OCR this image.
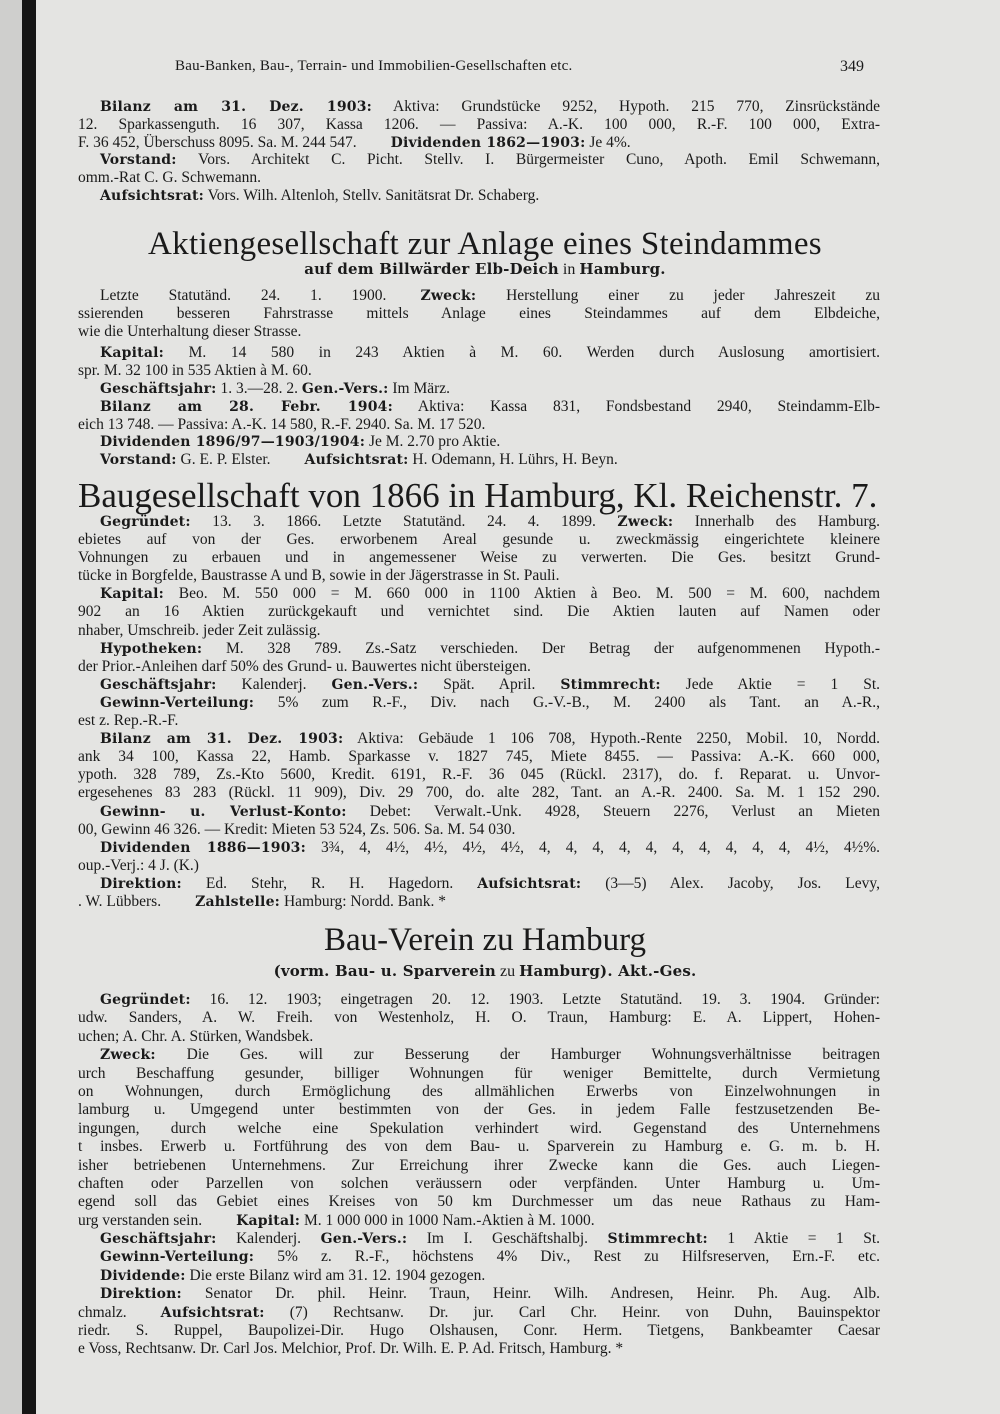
Bau-Banken, Bau-, Terrain- und Immobilien-Gesellschaften etc.	349
Bilanz am 31. Dez. 1903: Aktiva: Grundstücke 9252, Hypoth. 215 770, Zinsrückstände
12. Sparkassenguth. 16 307, Kassa 1206. — Passiva: A.-K. 100 000, R.-F. 100 000, Extra-
F. 36 452, Überschuss 8095. Sa. M. 244 547. Dividenden 1862—1903: Je 4%.
Vorstand: Vors. Architekt C. Picht. Stellv. I. Bürgermeister Cuno, Apoth. Emil Schwemann,
omm.-Rat C. G. Schwemann.
Aufsichtsrat: Vors. Wilh. Altenloh, Stellv. Sanitätsrat Dr. Schaberg.
Aktiengesellschaft zur Anlage eines Steindammes
auf dem Billwärder Elb-Deich in Hamburg.
Letzte Statutänd. 24. 1. 1900. Zweck: Herstellung einer zu jeder Jahreszeit zu
ssierenden besseren Fahrstrasse mittels Anlage eines Steindammes auf dem Elbdeiche,
wie die Unterhaltung dieser Strasse.
Kapital: M. 14 580 in 243 Aktien à M. 60. Werden durch Auslosung amortisiert.
spr. M. 32 100 in 535 Aktien à M. 60.
Geschäftsjahr: 1. 3.—28. 2. Gen.-Vers.: Im März.
Bilanz am 28. Febr. 1904: Aktiva: Kassa 831, Fondsbestand 2940, Steindamm-Elb-
eich 13 748. — Passiva: A.-K. 14 580, R.-F. 2940. Sa. M. 17 520.
Dividenden 1896/97—1903/1904: Je M. 2.70 pro Aktie.
Vorstand: G. E. P. Elster. Aufsichtsrat: H. Odemann, H. Lührs, H. Beyn.
Baugesellschaft von 1866 in Hamburg, Kl. Reichenstr. 7.
Gegründet: 13. 3. 1866. Letzte Statutänd. 24. 4. 1899. Zweck: Innerhalb des Hamburg.
ebietes auf von der Ges. erworbenem Areal gesunde u. zweckmässig eingerichtete kleinere
Vohnungen zu erbauen und in angemessener Weise zu verwerten. Die Ges. besitzt Grund-
tücke in Borgfelde, Baustrasse A und B, sowie in der Jägerstrasse in St. Pauli.
Kapital: Beo. M. 550 000 = M. 660 000 in 1100 Aktien à Beo. M. 500 = M. 600, nachdem
902 an 16 Aktien zurückgekauft und vernichtet sind. Die Aktien lauten auf Namen oder
nhaber, Umschreib. jeder Zeit zulässig.
Hypotheken: M. 328 789. Zs.-Satz verschieden. Der Betrag der aufgenommenen Hypoth.-
der Prior.-Anleihen darf 50% des Grund- u. Bauwertes nicht übersteigen.
Geschäftsjahr: Kalenderj. Gen.-Vers.: Spät. April. Stimmrecht: Jede Aktie = 1 St.
Gewinn-Verteilung: 5% zum R.-F., Div. nach G.-V.-B., M. 2400 als Tant. an A.-R.,
est z. Rep.-R.-F.
Bilanz am 31. Dez. 1903: Aktiva: Gebäude 1 106 708, Hypoth.-Rente 2250, Mobil. 10, Nordd.
ank 34 100, Kassa 22, Hamb. Sparkasse v. 1827 745, Miete 8455. — Passiva: A.-K. 660 000,
ypoth. 328 789, Zs.-Kto 5600, Kredit. 6191, R.-F. 36 045 (Rückl. 2317), do. f. Reparat. u. Unvor-
ergesehenes 83 283 (Rückl. 11 909), Div. 29 700, do. alte 282, Tant. an A.-R. 2400. Sa. M. 1 152 290.
Gewinn- u. Verlust-Konto: Debet: Verwalt.-Unk. 4928, Steuern 2276, Verlust an Mieten
00, Gewinn 46 326. — Kredit: Mieten 53 524, Zs. 506. Sa. M. 54 030.
Dividenden 1886—1903: 3¾, 4, 4½, 4½, 4½, 4½, 4, 4, 4, 4, 4, 4, 4, 4, 4, 4, 4½, 4½%.
oup.-Verj.: 4 J. (K.)
Direktion: Ed. Stehr, R. H. Hagedorn. Aufsichtsrat: (3—5) Alex. Jacoby, Jos. Levy,
. W. Lübbers. Zahlstelle: Hamburg: Nordd. Bank. *
Bau-Verein zu Hamburg
(vorm. Bau- u. Sparverein zu Hamburg). Akt.-Ges.
Gegründet: 16. 12. 1903; eingetragen 20. 12. 1903. Letzte Statutänd. 19. 3. 1904. Gründer:
udw. Sanders, A. W. Freih. von Westenholz, H. O. Traun, Hamburg: E. A. Lippert, Hohen-
uchen; A. Chr. A. Stürken, Wandsbek.
Zweck: Die Ges. will zur Besserung der Hamburger Wohnungsverhältnisse beitragen
urch Beschaffung gesunder, billiger Wohnungen für weniger Bemittelte, durch Vermietung
on Wohnungen, durch Ermöglichung des allmählichen Erwerbs von Einzelwohnungen in
lamburg u. Umgegend unter bestimmten von der Ges. in jedem Falle festzusetzenden Be-
ingungen, durch welche eine Spekulation verhindert wird. Gegenstand des Unternehmens
t insbes. Erwerb u. Fortführung des von dem Bau- u. Sparverein zu Hamburg e. G. m. b. H.
isher betriebenen Unternehmens. Zur Erreichung ihrer Zwecke kann die Ges. auch Liegen-
chaften oder Parzellen von solchen veräussern oder verpfänden. Unter Hamburg u. Um-
egend soll das Gebiet eines Kreises von 50 km Durchmesser um das neue Rathaus zu Ham-
urg verstanden sein. Kapital: M. 1 000 000 in 1000 Nam.-Aktien à M. 1000.
Geschäftsjahr: Kalenderj. Gen.-Vers.: Im I. Geschäftshalbj. Stimmrecht: 1 Aktie = 1 St.
Gewinn-Verteilung: 5% z. R.-F., höchstens 4% Div., Rest zu Hilfsreserven, Ern.-F. etc.
Dividende: Die erste Bilanz wird am 31. 12. 1904 gezogen.
Direktion: Senator Dr. phil. Heinr. Traun, Heinr. Wilh. Andresen, Heinr. Ph. Aug. Alb.
chmalz. Aufsichtsrat: (7) Rechtsanw. Dr. jur. Carl Chr. Heinr. von Duhn, Bauinspektor
riedr. S. Ruppel, Baupolizei-Dir. Hugo Olshausen, Conr. Herm. Tietgens, Bankbeamter Caesar
e Voss, Rechtsanw. Dr. Carl Jos. Melchior, Prof. Dr. Wilh. E. P. Ad. Fritsch, Hamburg. *
